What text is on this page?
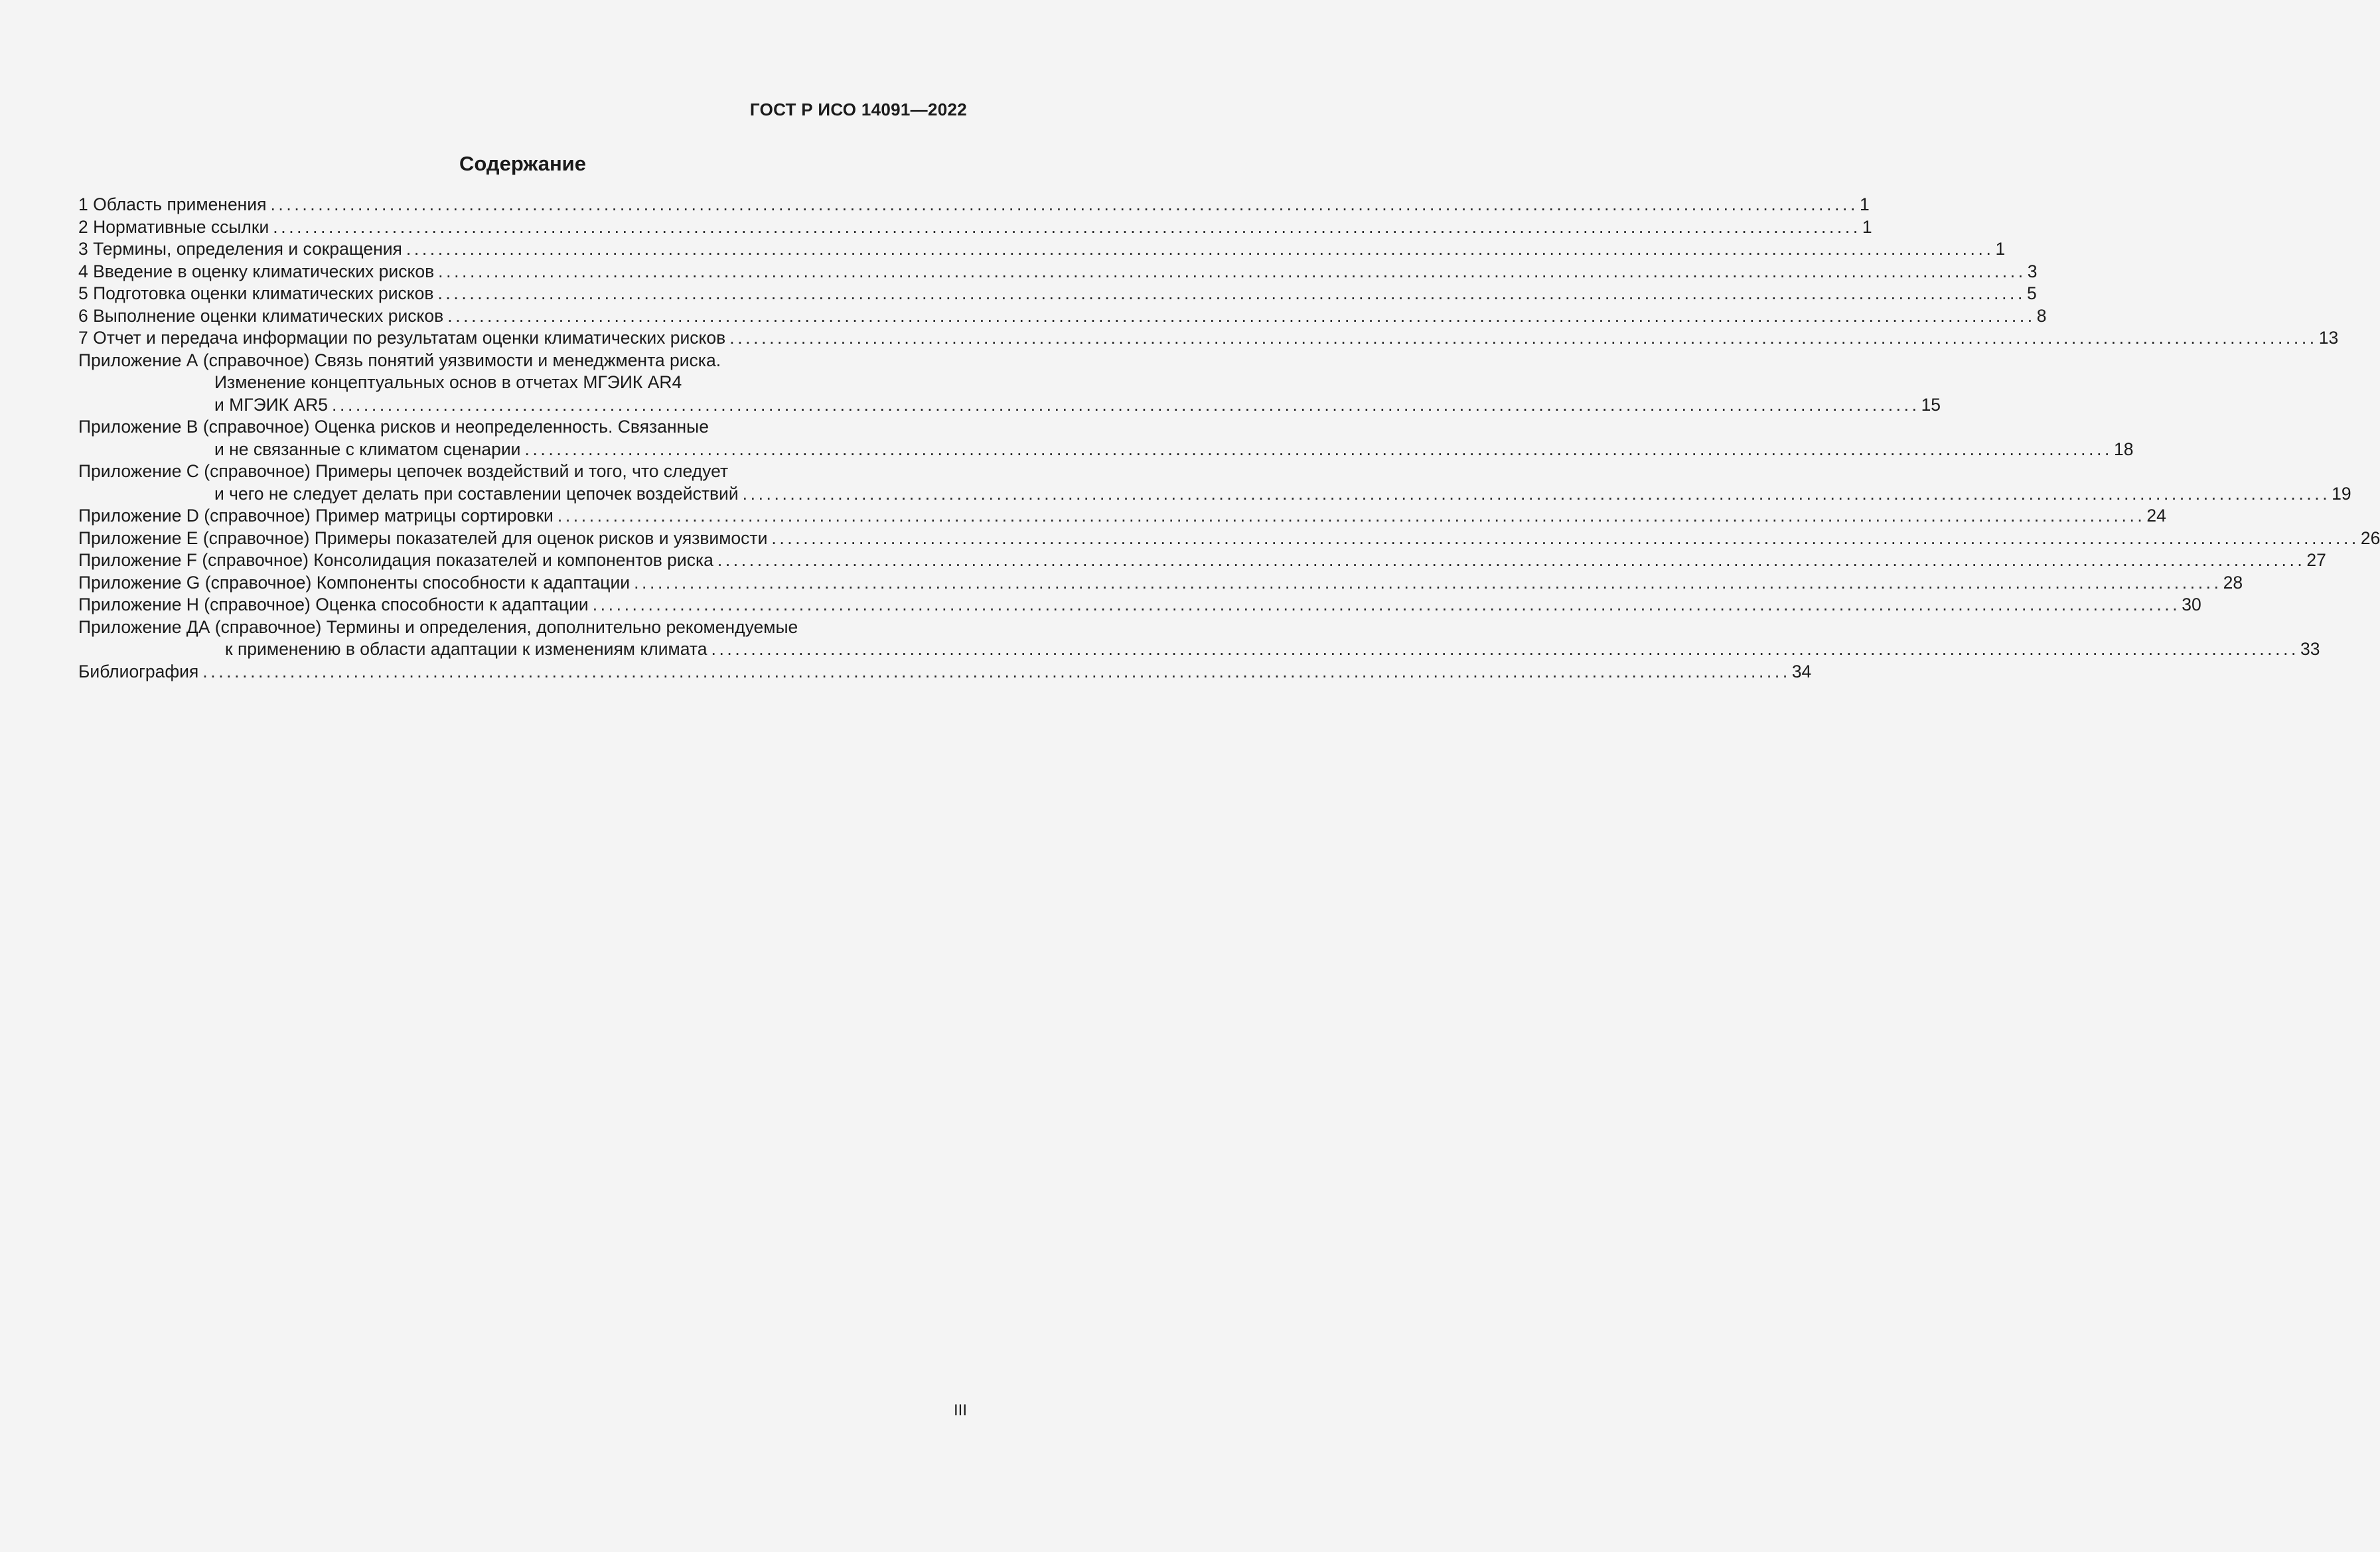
ГОСТ Р ИСО 14091—2022
Содержание
1 Область применения ........................................................................................................................................................................................................ 1
2 Нормативные ссылки ........................................................................................................................................................................................................ 1
3 Термины, определения и сокращения ........................................................................................................................................................................................................ 1
4 Введение в оценку климатических рисков ........................................................................................................................................................................................................ 3
5 Подготовка оценки климатических рисков ........................................................................................................................................................................................................ 5
6 Выполнение оценки климатических рисков ........................................................................................................................................................................................................ 8
7 Отчет и передача информации по результатам оценки климатических рисков ........................................................................................................................................................................................................ 13
Приложение А (справочное) Связь понятий уязвимости и менеджмента риска.
Изменение концептуальных основ в отчетах МГЭИК AR4
и МГЭИК AR5 ........................................................................................................................................................................................................ 15
Приложение В (справочное) Оценка рисков и неопределенность. Связанные
и не связанные с климатом сценарии ........................................................................................................................................................................................................ 18
Приложение С (справочное) Примеры цепочек воздействий и того, что следует
и чего не следует делать при составлении цепочек воздействий ........................................................................................................................................................................................................ 19
Приложение D (справочное) Пример матрицы сортировки ........................................................................................................................................................................................................ 24
Приложение Е (справочное) Примеры показателей для оценок рисков и уязвимости ........................................................................................................................................................................................................ 26
Приложение F (справочное) Консолидация показателей и компонентов риска ........................................................................................................................................................................................................ 27
Приложение G (справочное) Компоненты способности к адаптации ........................................................................................................................................................................................................ 28
Приложение Н (справочное) Оценка способности к адаптации ........................................................................................................................................................................................................ 30
Приложение ДА (справочное) Термины и определения, дополнительно рекомендуемые
к применению в области адаптации к изменениям климата ........................................................................................................................................................................................................ 33
Библиография ........................................................................................................................................................................................................ 34
III
